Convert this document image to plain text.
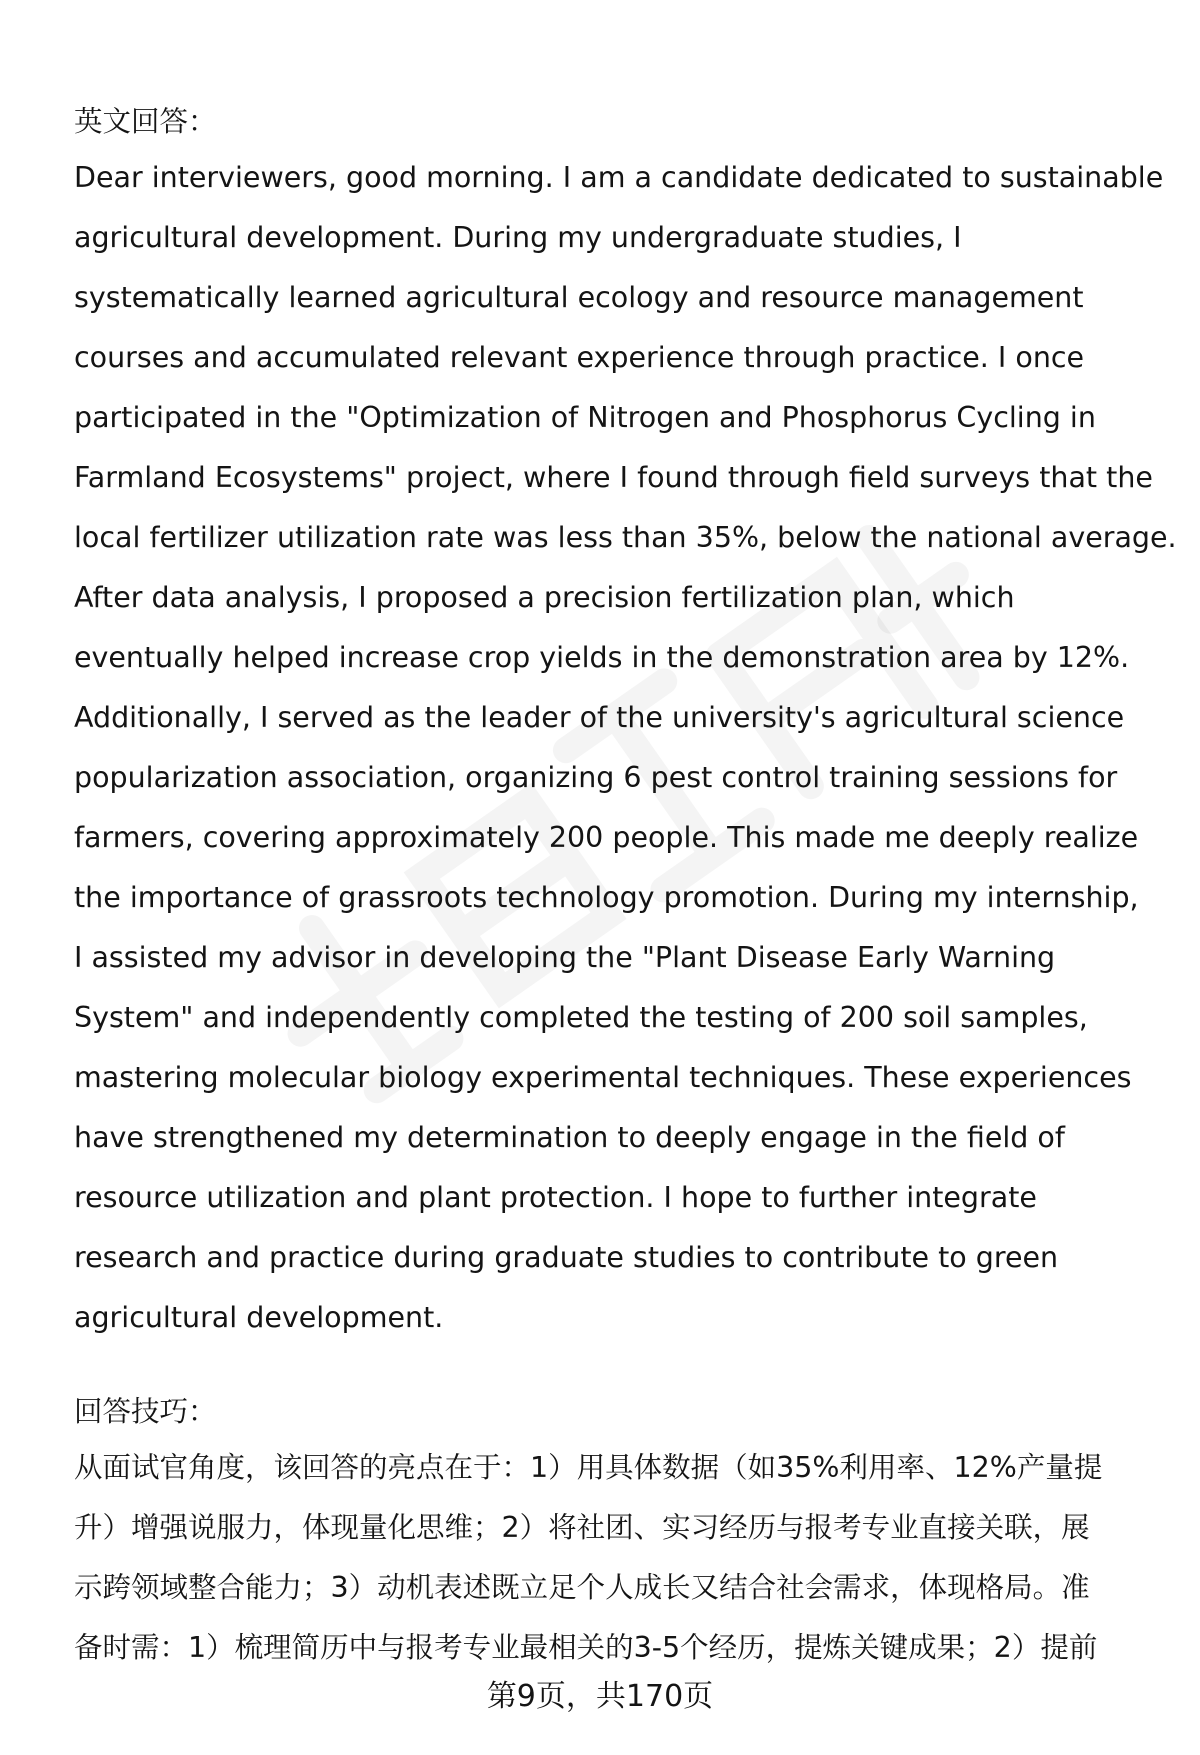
英文回答：

Dear interviewers, good morning. I am a candidate dedicated to sustainable

agricultural development. During my undergraduate studies, I

systematically learned agricultural ecology and resource management

courses and accumulated relevant experience through practice. I once

participated in the "Optimization of Nitrogen and Phosphorus Cycling in

Farmland Ecosystems" project, where I found through field surveys that the

local fertilizer utilization rate was less than 35%, below the national average.

After data analysis, I proposed a precision fertilization plan, which

eventually helped increase crop yields in the demonstration area by 12%.

Additionally, I served as the leader of the university's agricultural science

popularization association, organizing 6 pest control training sessions for

farmers, covering approximately 200 people. This made me deeply realize

the importance of grassroots technology promotion. During my internship,

I assisted my advisor in developing the "Plant Disease Early Warning

System" and independently completed the testing of 200 soil samples,

mastering molecular biology experimental techniques. These experiences

have strengthened my determination to deeply engage in the field of

resource utilization and plant protection. I hope to further integrate

research and practice during graduate studies to contribute to green

agricultural development.

回答技巧：

从面试官角度，该回答的亮点在于：1）用具体数据（如35%利用率、12%产量提

升）增强说服力，体现量化思维；2）将社团、实习经历与报考专业直接关联，展

示跨领域整合能力；3）动机表述既立足个人成长又结合社会需求，体现格局。准

备时需：1）梳理简历中与报考专业最相关的3-5个经历，提炼关键成果；2）提前

第9页，共170页
